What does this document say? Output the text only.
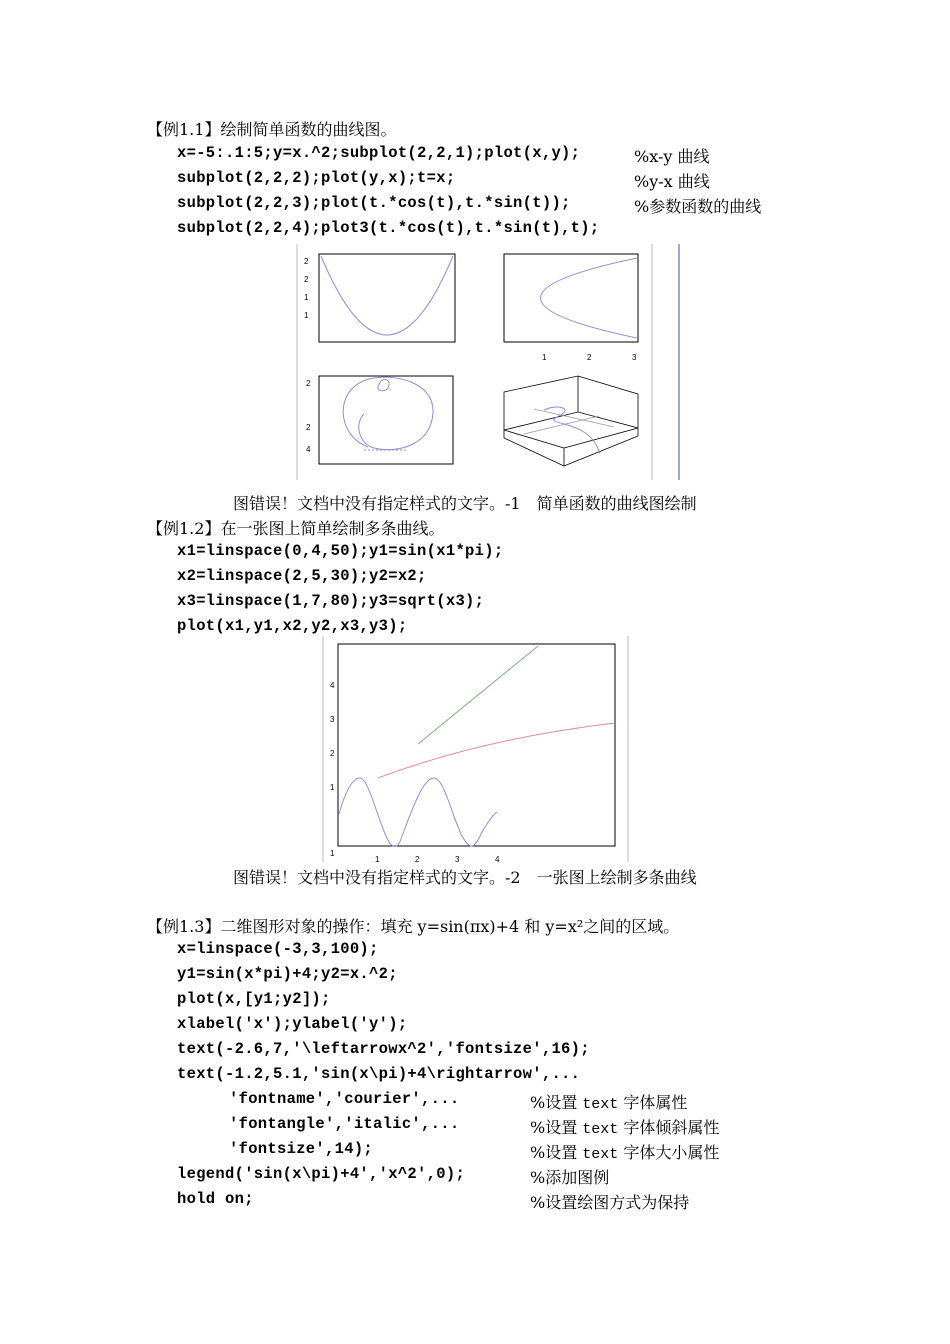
【例1.1】绘制简单函数的曲线图。
x=-5:.1:5;y=x.^2;subplot(2,2,1);plot(x,y);	%x-y 曲线
subplot(2,2,2);plot(y,x);t=x;	%y-x 曲线
subplot(2,2,3);plot(t.*cos(t),t.*sin(t));	%参数函数的曲线
subplot(2,2,4);plot3(t.*cos(t),t.*sin(t),t);
2
2
1
1
1	2	3
2
2
4
图错误！文档中没有指定样式的文字。-1　简单函数的曲线图绘制
【例1.2】在一张图上简单绘制多条曲线。
x1=linspace(0,4,50);y1=sin(x1*pi);
x2=linspace(2,5,30);y2=x2;
x3=linspace(1,7,80);y3=sqrt(x3);
plot(x1,y1,x2,y2,x3,y3);
4
3
2
1
1
1	2	3	4
图错误！文档中没有指定样式的文字。-2　一张图上绘制多条曲线
【例1.3】二维图形对象的操作：填充 y=sin(πx)+4 和 y=x²之间的区域。
x=linspace(-3,3,100);
y1=sin(x*pi)+4;y2=x.^2;
plot(x,[y1;y2]);
xlabel('x');ylabel('y');
text(-2.6,7,'\leftarrowx^2','fontsize',16);
text(-1.2,5.1,'sin(x\pi)+4\rightarrow',...
'fontname','courier',...	%设置 text 字体属性
'fontangle','italic',...	%设置 text 字体倾斜属性
'fontsize',14);	%设置 text 字体大小属性
legend('sin(x\pi)+4','x^2',0);	%添加图例
hold on;	%设置绘图方式为保持
